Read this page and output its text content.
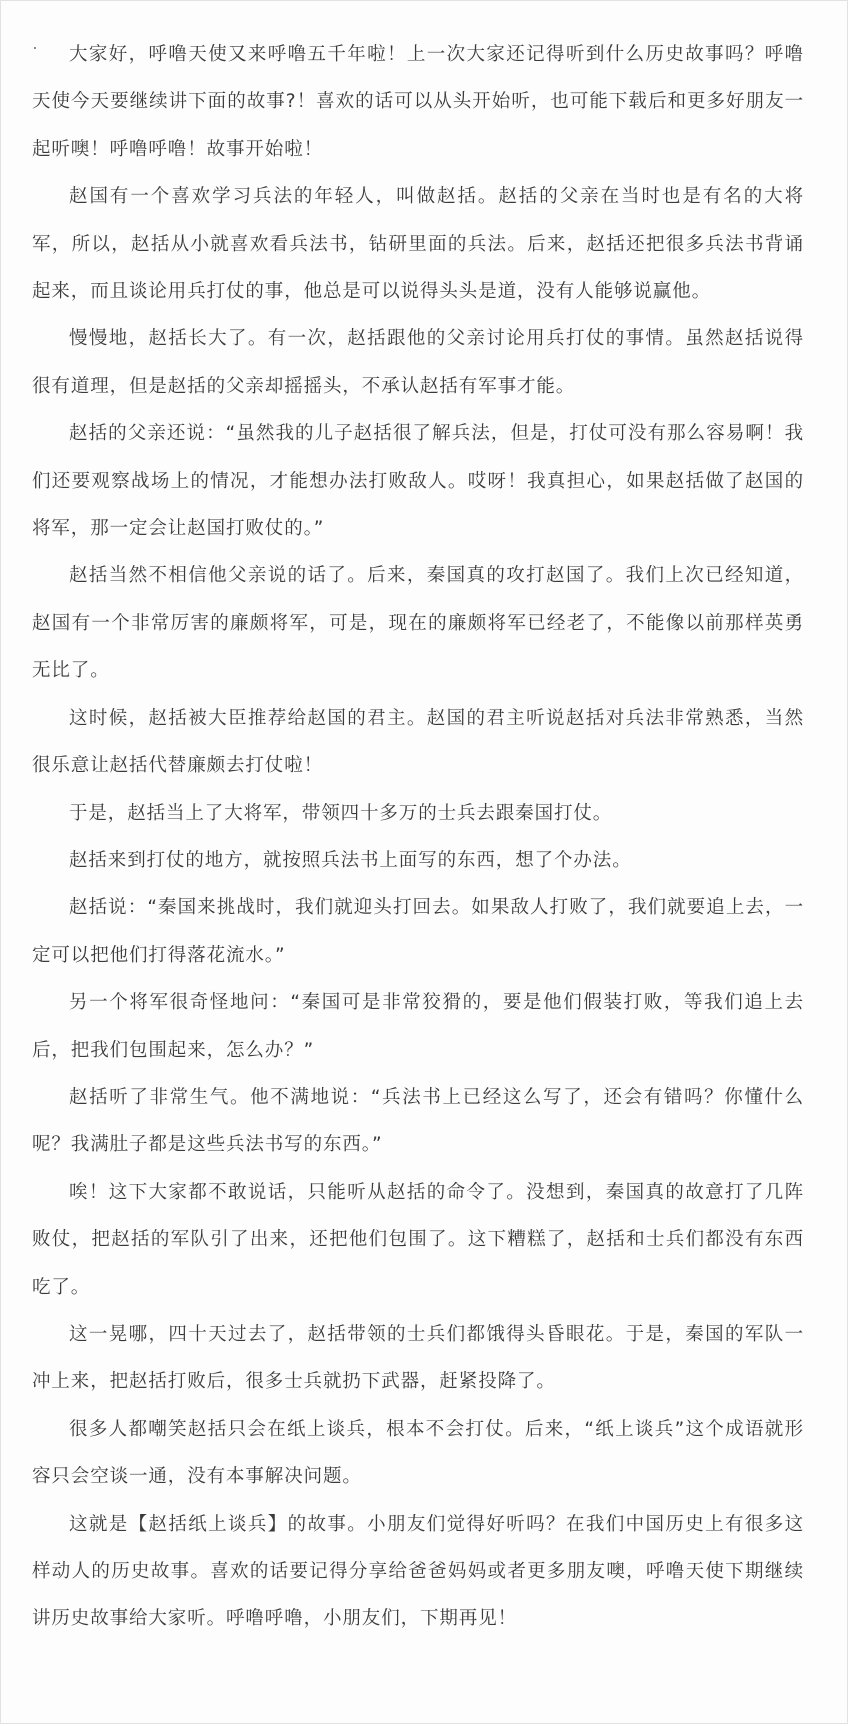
大家好，呼噜天使又来呼噜五千年啦！上一次大家还记得听到什么历史故事吗？呼噜天使今天要继续讲下面的故事?！喜欢的话可以从头开始听，也可能下载后和更多好朋友一起听噢！呼噜呼噜！故事开始啦！

赵国有一个喜欢学习兵法的年轻人，叫做赵括。赵括的父亲在当时也是有名的大将军，所以，赵括从小就喜欢看兵法书，钻研里面的兵法。后来，赵括还把很多兵法书背诵起来，而且谈论用兵打仗的事，他总是可以说得头头是道，没有人能够说赢他。

慢慢地，赵括长大了。有一次，赵括跟他的父亲讨论用兵打仗的事情。虽然赵括说得很有道理，但是赵括的父亲却摇摇头，不承认赵括有军事才能。

赵括的父亲还说：“虽然我的儿子赵括很了解兵法，但是，打仗可没有那么容易啊！我们还要观察战场上的情况，才能想办法打败敌人。哎呀！我真担心，如果赵括做了赵国的将军，那一定会让赵国打败仗的。”

赵括当然不相信他父亲说的话了。后来，秦国真的攻打赵国了。我们上次已经知道，赵国有一个非常厉害的廉颇将军，可是，现在的廉颇将军已经老了，不能像以前那样英勇无比了。

这时候，赵括被大臣推荐给赵国的君主。赵国的君主听说赵括对兵法非常熟悉，当然很乐意让赵括代替廉颇去打仗啦！

于是，赵括当上了大将军，带领四十多万的士兵去跟秦国打仗。

赵括来到打仗的地方，就按照兵法书上面写的东西，想了个办法。

赵括说：“秦国来挑战时，我们就迎头打回去。如果敌人打败了，我们就要追上去，一定可以把他们打得落花流水。”

另一个将军很奇怪地问：“秦国可是非常狡猾的，要是他们假装打败，等我们追上去后，把我们包围起来，怎么办？”

赵括听了非常生气。他不满地说：“兵法书上已经这么写了，还会有错吗？你懂什么呢？我满肚子都是这些兵法书写的东西。”

唉！这下大家都不敢说话，只能听从赵括的命令了。没想到，秦国真的故意打了几阵败仗，把赵括的军队引了出来，还把他们包围了。这下糟糕了，赵括和士兵们都没有东西吃了。

这一晃哪，四十天过去了，赵括带领的士兵们都饿得头昏眼花。于是，秦国的军队一冲上来，把赵括打败后，很多士兵就扔下武器，赶紧投降了。

很多人都嘲笑赵括只会在纸上谈兵，根本不会打仗。后来，“纸上谈兵”这个成语就形容只会空谈一通，没有本事解决问题。

这就是【赵括纸上谈兵】的故事。小朋友们觉得好听吗？在我们中国历史上有很多这样动人的历史故事。喜欢的话要记得分享给爸爸妈妈或者更多朋友噢，呼噜天使下期继续讲历史故事给大家听。呼噜呼噜，小朋友们，下期再见！
